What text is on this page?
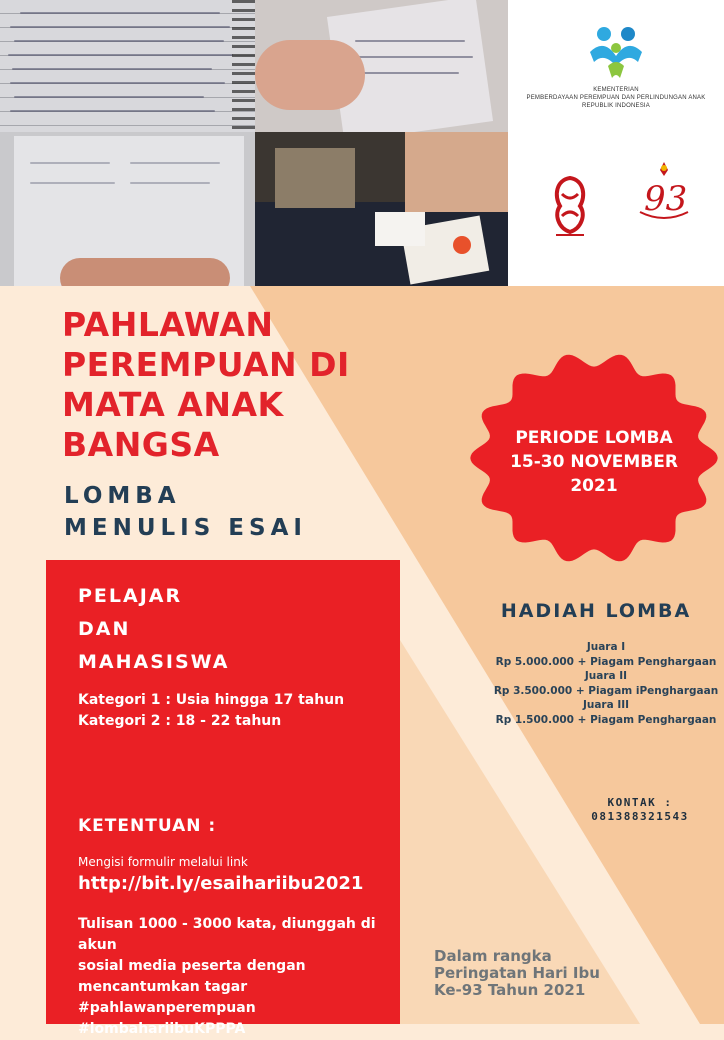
KEMENTERIAN
PEMBERDAYAAN PEREMPUAN DAN PERLINDUNGAN ANAK
REPUBLIK INDONESIA
93
PAHLAWAN
PEREMPUAN DI
MATA ANAK
BANGSA
LOMBA
MENULIS ESAI
PERIODE LOMBA
15-30 NOVEMBER
2021
PELAJAR
DAN
MAHASISWA
Kategori 1 : Usia hingga 17 tahun
Kategori 2 : 18 - 22 tahun
KETENTUAN :
Mengisi formulir melalui link
http://bit.ly/esaihariibu2021
Tulisan 1000 - 3000 kata, diunggah di akun
sosial media peserta dengan
mencantumkan tagar
#pahlawanperempuan
#lombahariibuKPPPA
HADIAH LOMBA
Juara I
Rp 5.000.000 + Piagam Penghargaan
Juara II
Rp 3.500.000 + Piagam iPenghargaan
Juara III
Rp 1.500.000 + Piagam Penghargaan
KONTAK :
081388321543
Dalam rangka
Peringatan Hari Ibu
Ke-93 Tahun 2021
